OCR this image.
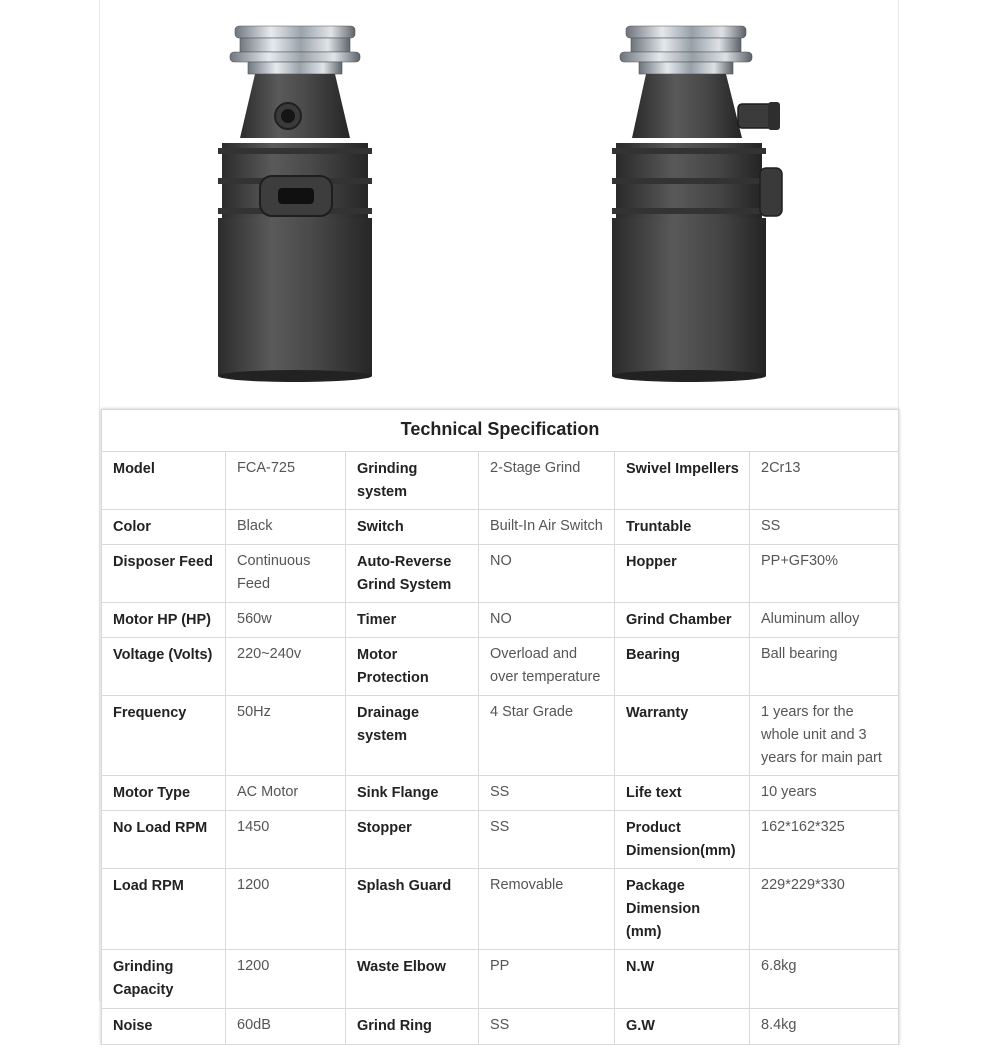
Technical Specification					
Model	FCA-725	Grinding system	2-Stage Grind	Swivel Impellers	2Cr13
Color	Black	Switch	Built-In Air Switch	Truntable	SS
Disposer Feed	Continuous Feed	Auto-Reverse Grind System	NO	Hopper	PP+GF30%
Motor HP (HP)	560w	Timer	NO	Grind Chamber	Aluminum alloy
Voltage (Volts)	220~240v	Motor Protection	Overload and over temperature	Bearing	Ball bearing
Frequency	50Hz	Drainage system	4 Star Grade	Warranty	1 years for the whole unit and 3 years for main part
Motor Type	AC Motor	Sink Flange	SS	Life text	10 years
No Load RPM	1450	Stopper	SS	Product Dimension(mm)	162*162*325
Load RPM	1200	Splash Guard	Removable	Package Dimension (mm)	229*229*330
Grinding Capacity	1200	Waste Elbow	PP	N.W	6.8kg
Noise	60dB	Grind Ring	SS	G.W	8.4kg
